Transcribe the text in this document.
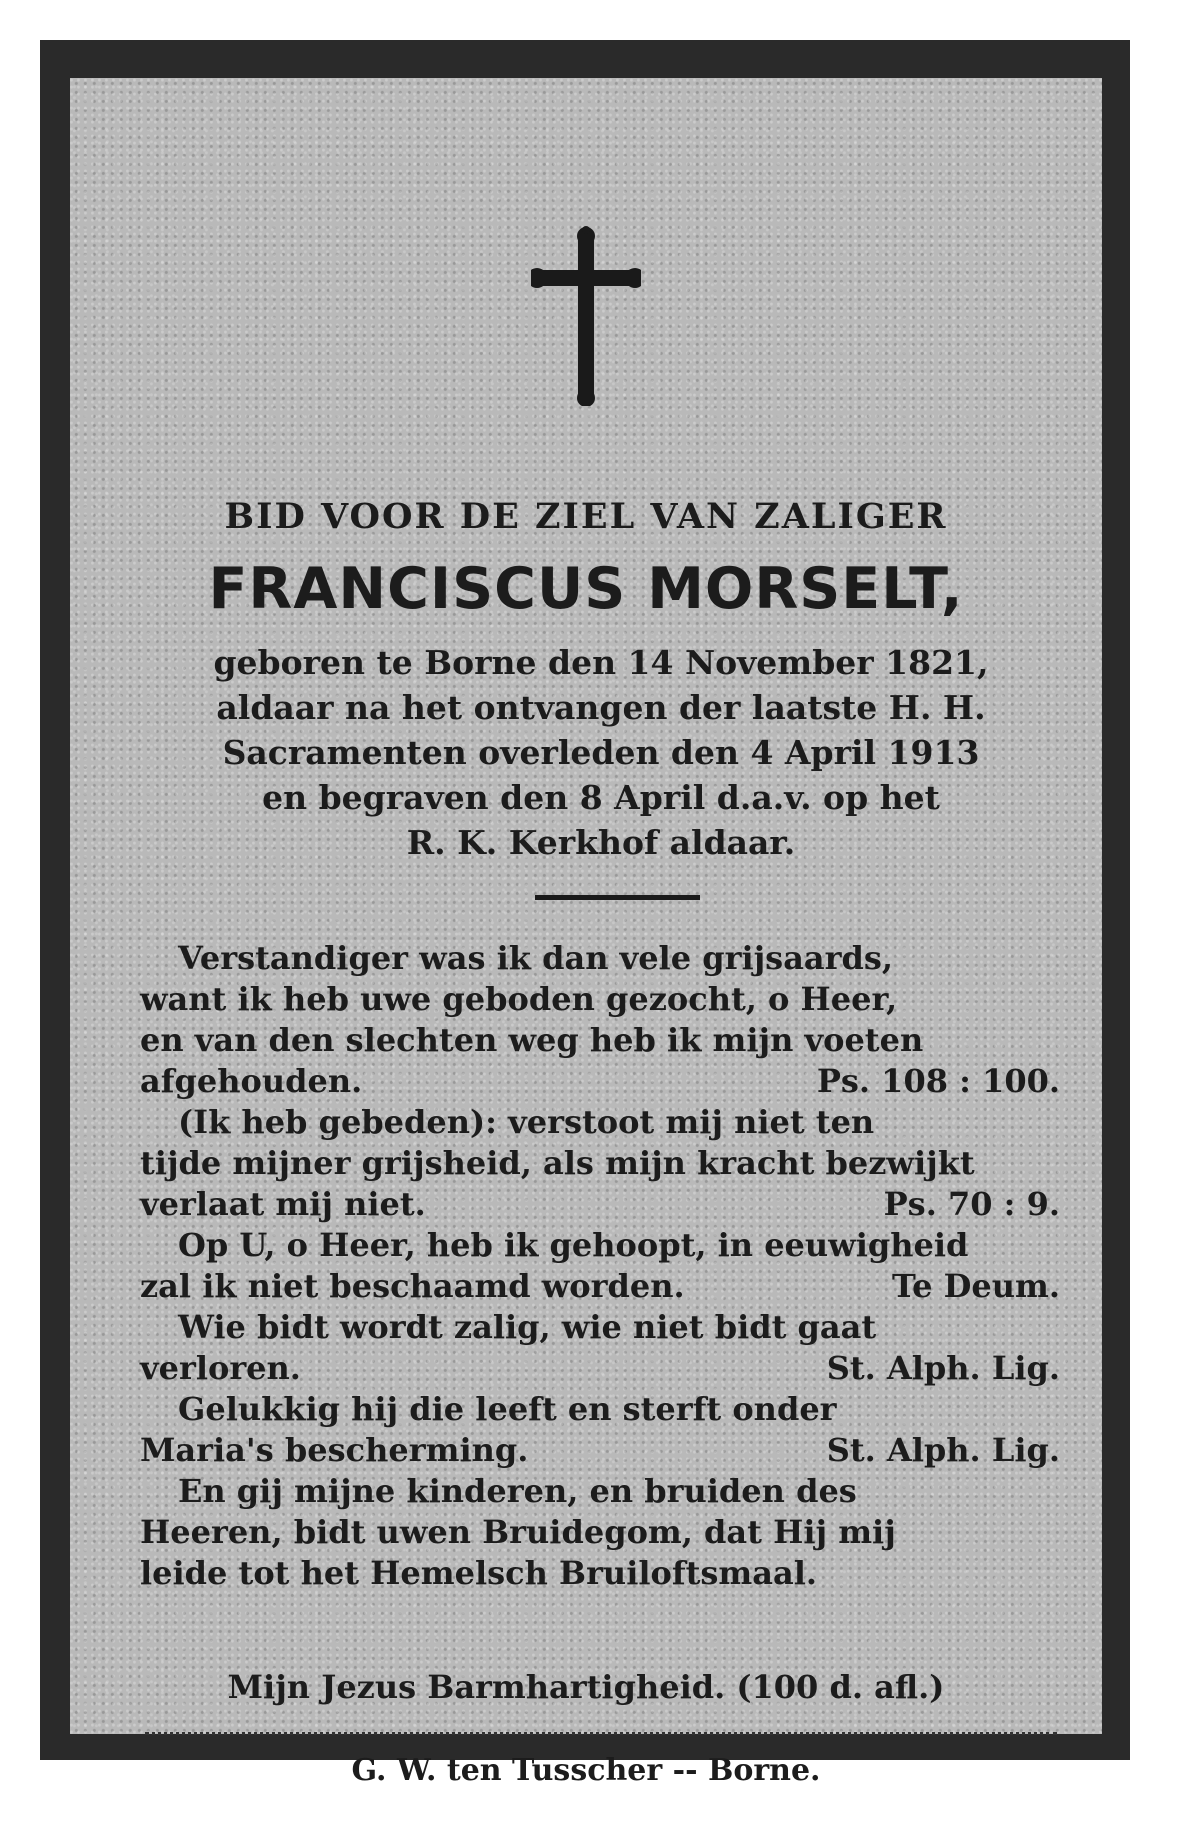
BID VOOR DE ZIEL VAN ZALIGER
FRANCISCUS MORSELT,
geboren te Borne den 14 November 1821,
aldaar na het ontvangen der laatste H. H.
Sacramenten overleden den 4 April 1913
en begraven den 8 April d.a.v. op het
R. K. Kerkhof aldaar.
Verstandiger was ik dan vele grijsaards,
want ik heb uwe geboden gezocht, o Heer,
en van den slechten weg heb ik mijn voeten
afgehouden.	Ps. 108 : 100.
(Ik heb gebeden): verstoot mij niet ten
tijde mijner grijsheid, als mijn kracht bezwijkt
verlaat mij niet.	Ps. 70 : 9.
Op U, o Heer, heb ik gehoopt, in eeuwigheid
zal ik niet beschaamd worden.	Te Deum.
Wie bidt wordt zalig, wie niet bidt gaat
verloren.	St. Alph. Lig.
Gelukkig hij die leeft en sterft onder
Maria's bescherming.	St. Alph. Lig.
En gij mijne kinderen, en bruiden des
Heeren, bidt uwen Bruidegom, dat Hij mij
leide tot het Hemelsch Bruiloftsmaal.
Mijn Jezus Barmhartigheid. (100 d. afl.)
G. W. ten Tusscher -- Borne.
